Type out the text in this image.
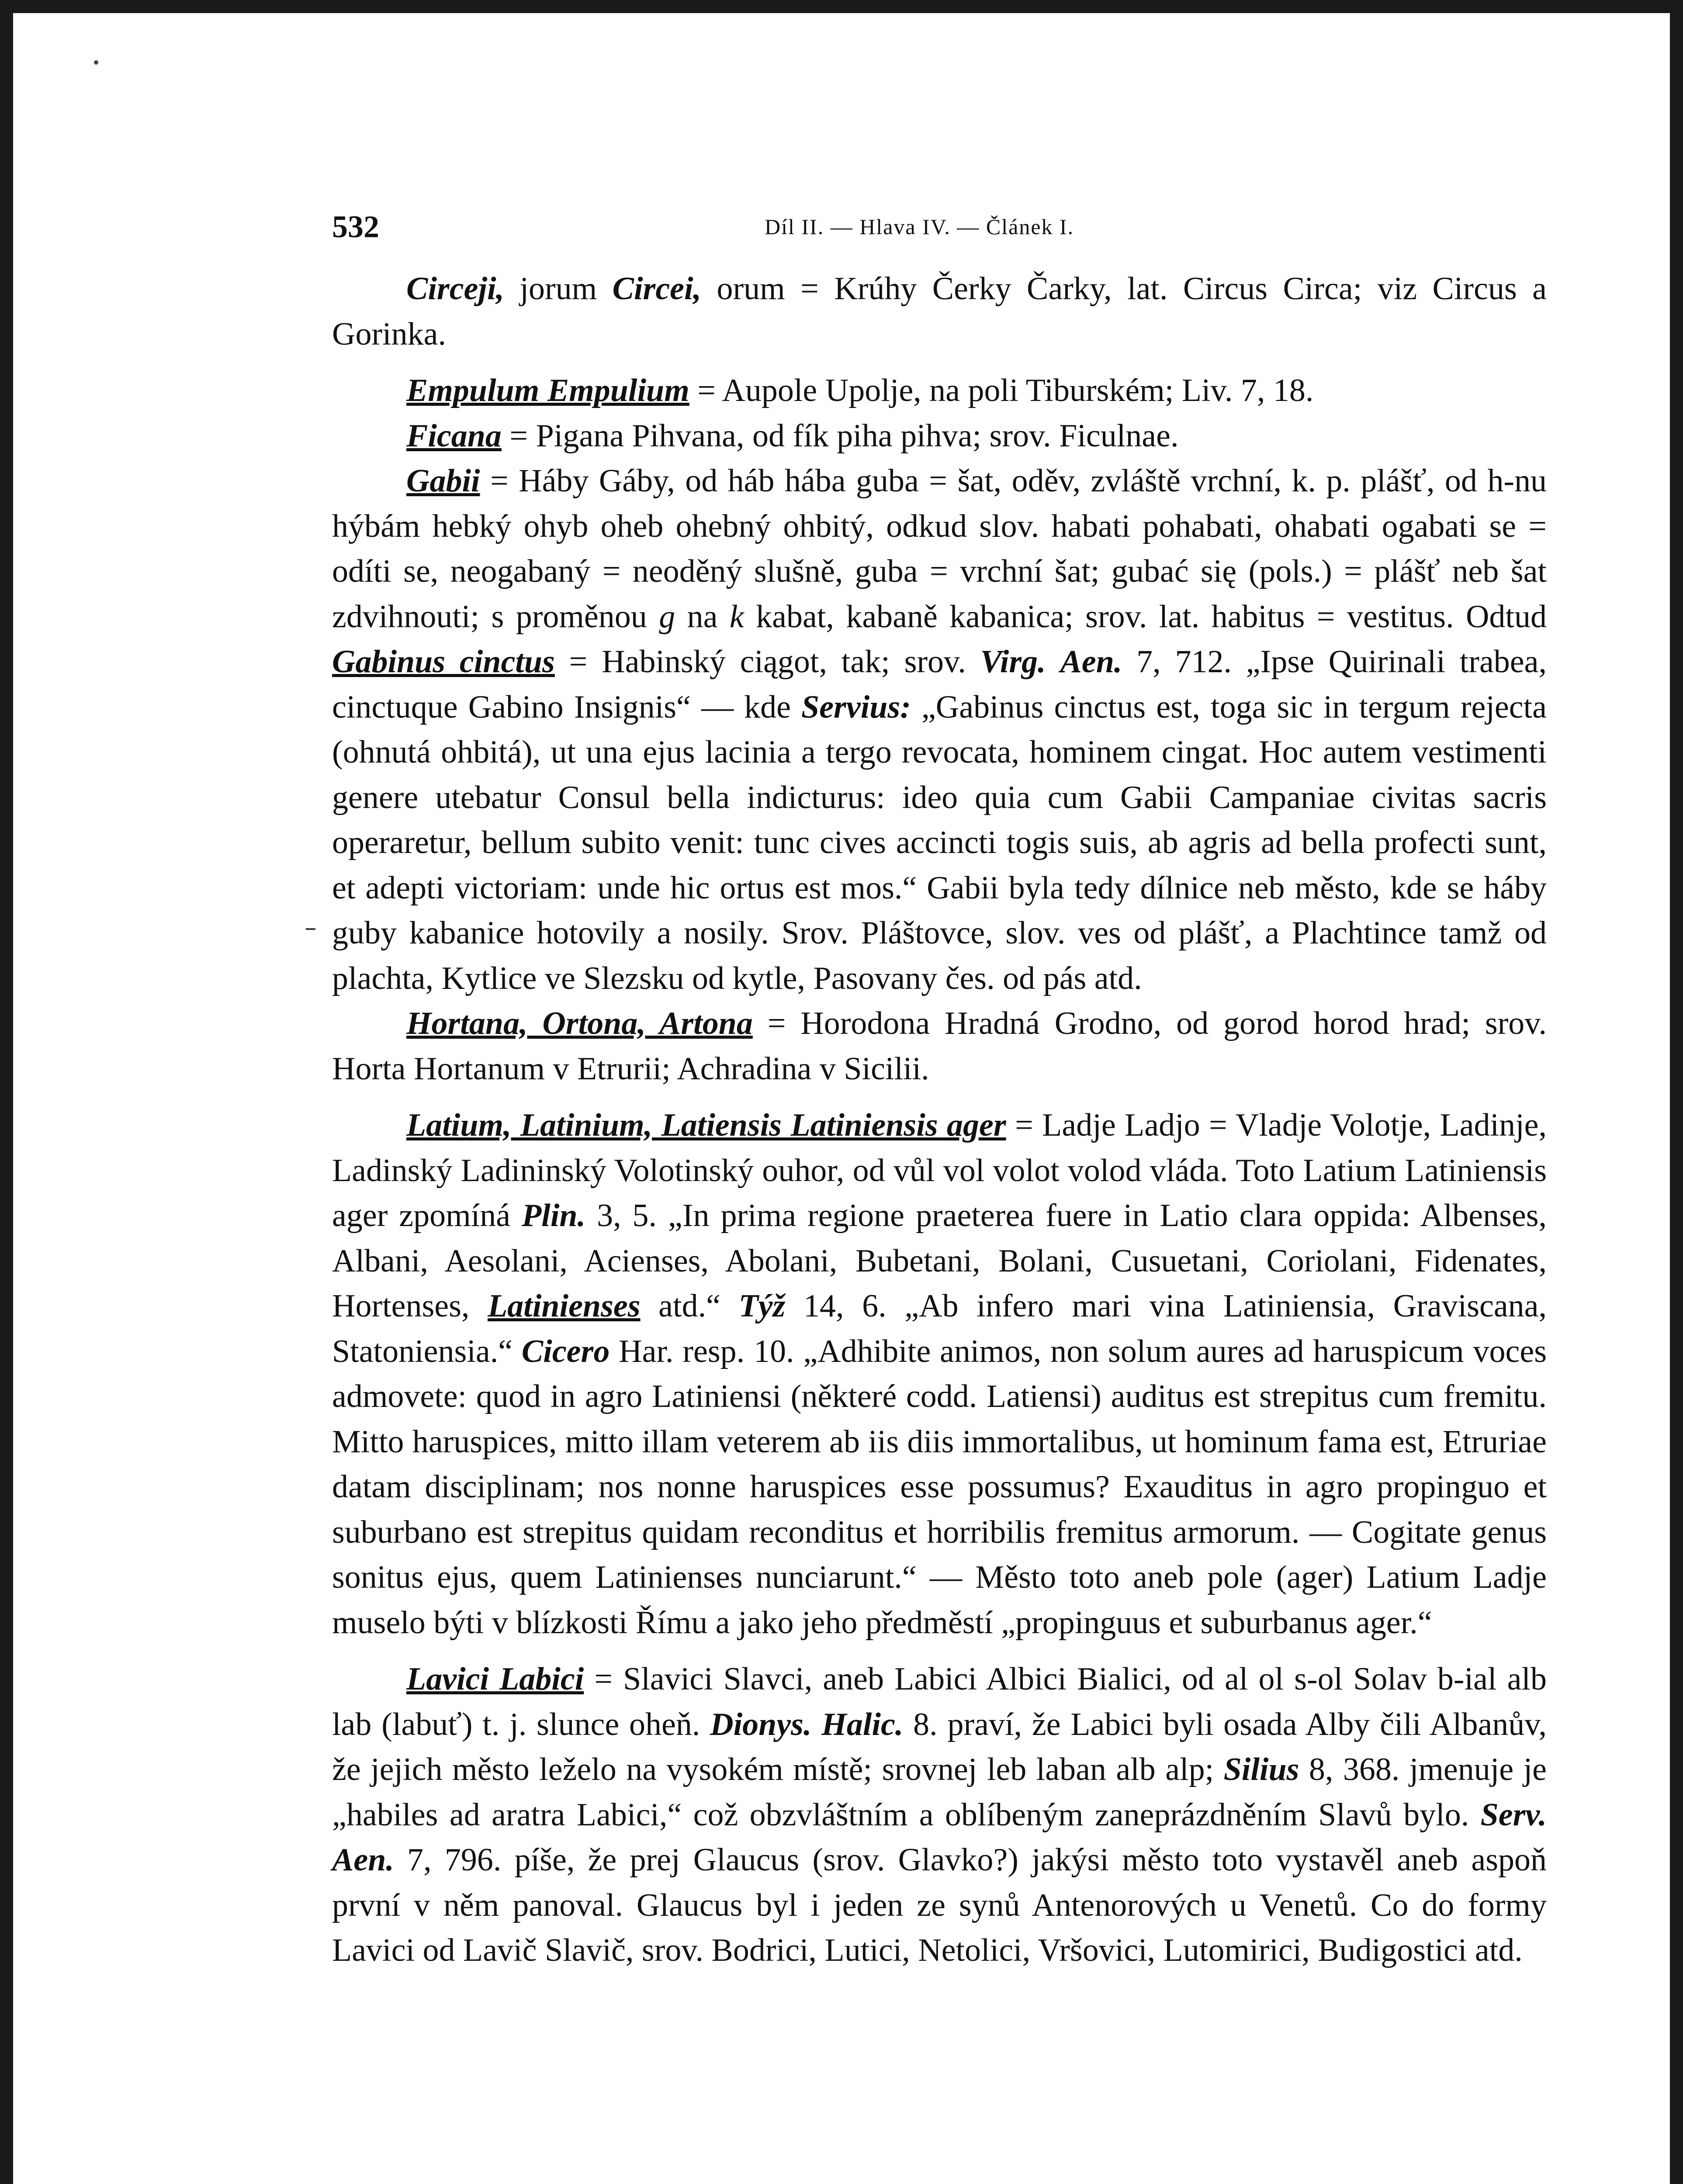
532	Díl II. — Hlava IV. — Článek I.

Circeji, jorum Circei, orum = Krúhy Čerky Čarky, lat. Circus Circa; viz Circus a Gorinka.

Empulum Empulium = Aupole Upolje, na poli Tiburském; Liv. 7, 18.

Ficana = Pigana Pihvana, od fík piha pihva; srov. Ficulnae.

Gabii = Háby Gáby, od háb hába guba = šat, oděv, zvláště vrchní, k. p. plášť, od h-nu hýbám hebký ohyb oheb ohebný ohbitý, odkud slov. habati pohabati, ohabati ogabati se = odíti se, neogabaný = neoděný slušně, guba = vrchní šat; gubać się (pols.) = plášť neb šat zdvihnouti; s proměnou g na k kabat, kabaně kabanica; srov. lat. habitus = vestitus. Odtud Gabinus cinctus = Habinský ciągot, tak; srov. Virg. Aen. 7, 712. „Ipse Quirinali trabea, cinctuque Gabino Insignis“ — kde Servius: „Gabinus cinctus est, toga sic in tergum rejecta (ohnutá ohbitá), ut una ejus lacinia a tergo revocata, hominem cingat. Hoc autem vestimenti genere utebatur Consul bella indicturus: ideo quia cum Gabii Campaniae civitas sacris operaretur, bellum subito venit: tunc cives accincti togis suis, ab agris ad bella profecti sunt, et adepti victoriam: unde hic ortus est mos.“ Gabii byla tedy dílnice neb město, kde se háby guby kabanice hotovily a nosily. Srov. Pláštovce, slov. ves od plášť, a Plachtince tamž od plachta, Kytlice ve Slezsku od kytle, Pasovany čes. od pás atd.

Hortana, Ortona, Artona = Horodona Hradná Grodno, od gorod horod hrad; srov. Horta Hortanum v Etrurii; Achradina v Sicilii.

Latium, Latinium, Latiensis Latiniensis ager = Ladje Ladjo = Vladje Volotje, Ladinje, Ladinský Ladininský Volotinský ouhor, od vůl vol volot volod vláda. Toto Latium Latiniensis ager zpomíná Plin. 3, 5. „In prima regione praeterea fuere in Latio clara oppida: Albenses, Albani, Aesolani, Acienses, Abolani, Bubetani, Bolani, Cusuetani, Coriolani, Fidenates, Hortenses, Latinienses atd.“ Týž 14, 6. „Ab infero mari vina Latiniensia, Graviscana, Statoniensia.“ Cicero Har. resp. 10. „Adhibite animos, non solum aures ad haruspicum voces admovete: quod in agro Latiniensi (některé codd. Latiensi) auditus est strepitus cum fremitu. Mitto haruspices, mitto illam veterem ab iis diis immortalibus, ut hominum fama est, Etruriae datam disciplinam; nos nonne haruspices esse possumus? Exauditus in agro propinguo et suburbano est strepitus quidam reconditus et horribilis fremitus armorum. — Cogitate genus sonitus ejus, quem Latinienses nunciarunt.“ — Město toto aneb pole (ager) Latium Ladje muselo býti v blízkosti Římu a jako jeho předměstí „propinguus et suburbanus ager.“

Lavici Labici = Slavici Slavci, aneb Labici Albici Bialici, od al ol s-ol Solav b-ial alb lab (labuť) t. j. slunce oheň. Dionys. Halic. 8. praví, že Labici byli osada Alby čili Albanův, že jejich město leželo na vysokém místě; srovnej leb laban alb alp; Silius 8, 368. jmenuje je „habiles ad aratra Labici,“ což obzvláštním a oblíbeným zaneprázdněním Slavů bylo. Serv. Aen. 7, 796. píše, že prej Glaucus (srov. Glavko?) jakýsi město toto vystavěl aneb aspoň první v něm panoval. Glaucus byl i jeden ze synů Antenorových u Venetů. Co do formy Lavici od Lavič Slavič, srov. Bodrici, Lutici, Netolici, Vršovici, Lutomirici, Budigostici atd.
